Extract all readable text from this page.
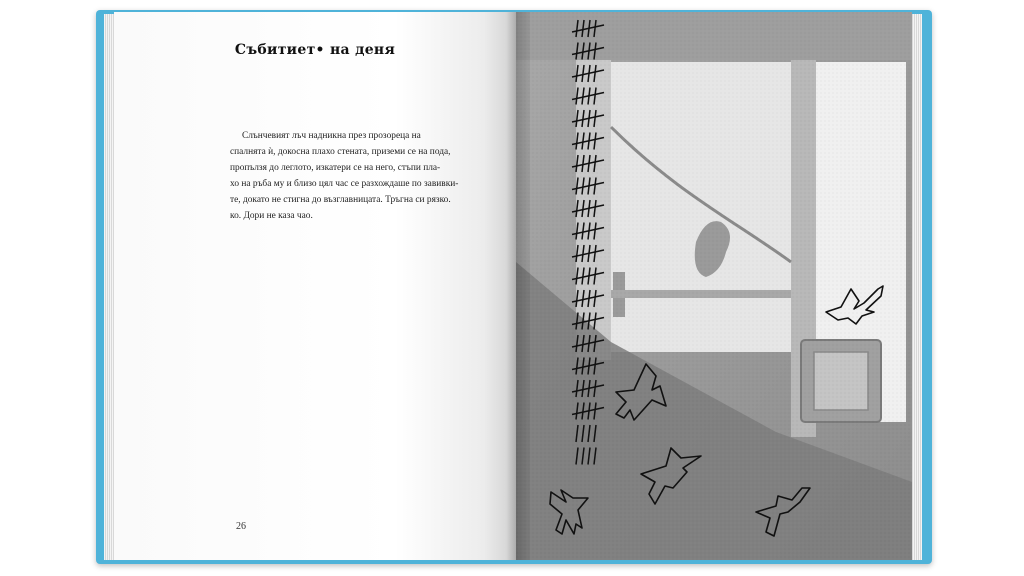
Събитиет• на деня
Слънчевият лъч надникна през прозореца на
спалнята ѝ, докосна плахо стената, приземи се на пода,
пропълзя до леглото, изкатери се на него, стъпи пла-
хо на ръба му и близо цял час се разхождаше по завивки-
те, докато не стигна до възглавницата. Тръгна си рязко.
ко. Дори не каза чао.
26
